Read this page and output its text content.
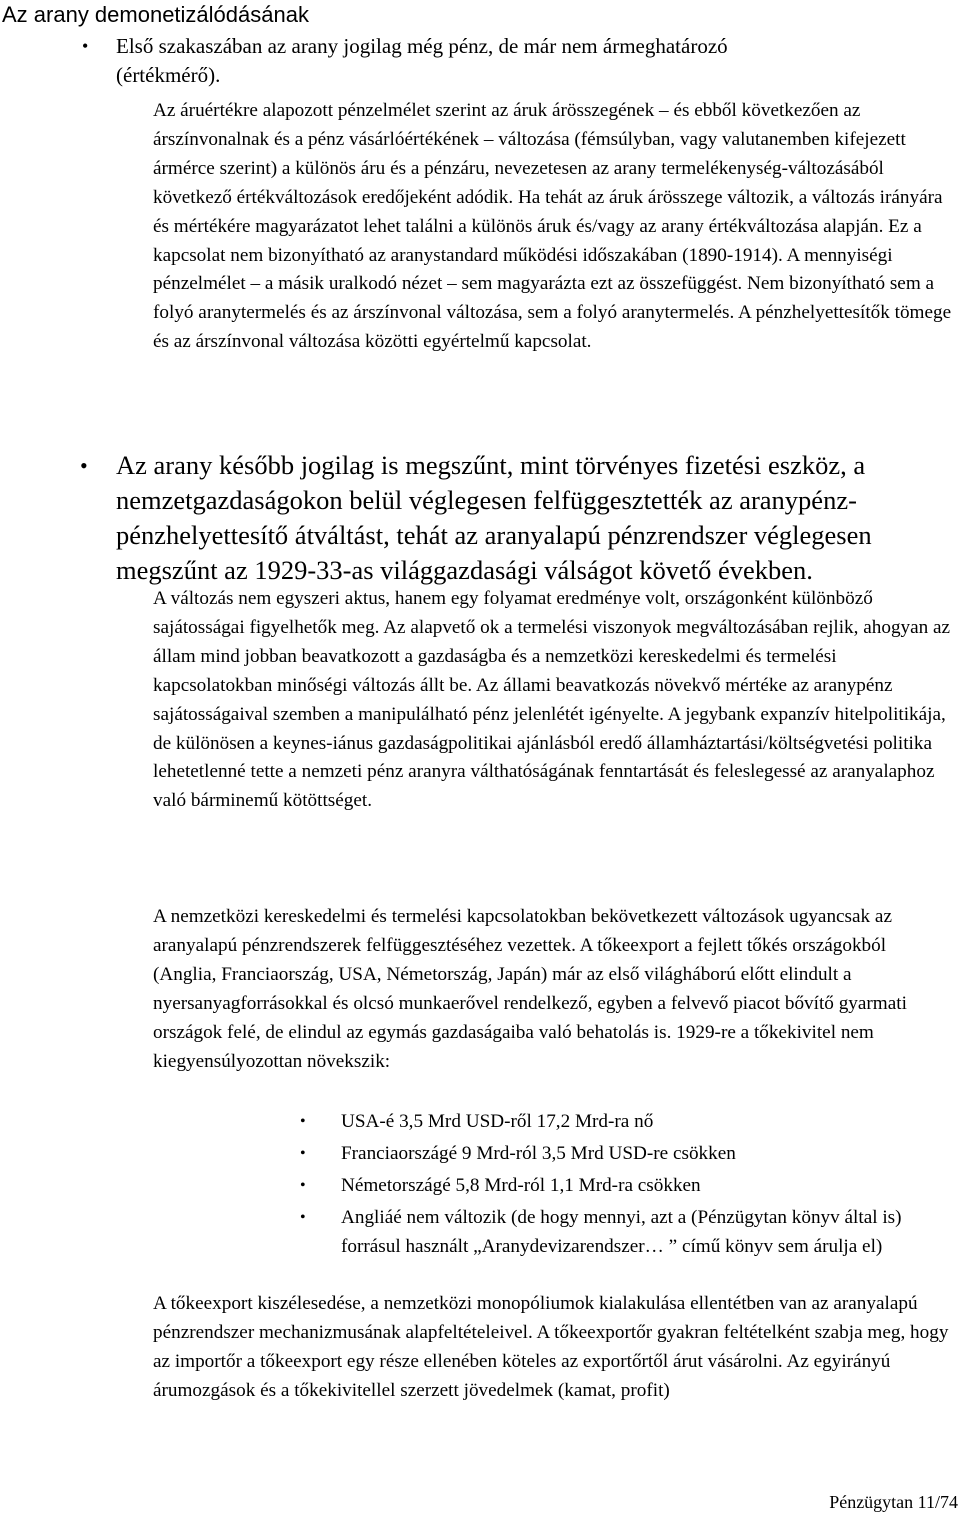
Az arany demonetizálódásának
• Első szakaszában az arany jogilag még pénz, de már nem ármeghatározó (értékmérő).

Az áruértékre alapozott pénzelmélet szerint az áruk árösszegének – és ebből következően az árszínvonalnak és a pénz vásárlóértékének – változása (fémsúlyban, vagy valutanemben kifejezett ármérce szerint) a különös áru és a pénzáru, nevezetesen az arany termelékenység-változásából következő értékváltozások eredőjeként adódik. Ha tehát az áruk árösszege változik, a változás irányára és mértékére magyarázatot lehet találni a különös áruk és/vagy az arany értékváltozása alapján. Ez a kapcsolat nem bizonyítható az aranystandard működési időszakában (1890-1914). A mennyiségi pénzelmélet – a másik uralkodó nézet – sem magyarázta ezt az összefüggést. Nem bizonyítható sem a folyó aranytermelés és az árszínvonal változása, sem a folyó aranytermelés. A pénzhelyettesítők tömege és az árszínvonal változása közötti egyértelmű kapcsolat.

• Az arany később jogilag is megszűnt, mint törvényes fizetési eszköz, a nemzetgazdaságokon belül véglegesen felfüggesztették az aranypénz-pénzhelyettesítő átváltást, tehát az aranyalapú pénzrendszer véglegesen megszűnt az 1929-33-as világgazdasági válságot követő években.

A változás nem egyszeri aktus, hanem egy folyamat eredménye volt, országonként különböző sajátosságai figyelhetők meg. Az alapvető ok a termelési viszonyok megváltozásában rejlik, ahogyan az állam mind jobban beavatkozott a gazdaságba és a nemzetközi kereskedelmi és termelési kapcsolatokban minőségi változás állt be. Az állami beavatkozás növekvő mértéke az aranypénz sajátosságaival szemben a manipulálható pénz jelenlétét igényelte. A jegybank expanzív hitelpolitikája, de különösen a keynes-iánus gazdaságpolitikai ajánlásból eredő államháztartási/költségvetési politika lehetetlenné tette a nemzeti pénz aranyra válthatóságának fenntartását és feleslegessé az aranyalaphoz való bárminemű kötöttséget.

A nemzetközi kereskedelmi és termelési kapcsolatokban bekövetkezett változások ugyancsak az aranyalapú pénzrendszerek felfüggesztéséhez vezettek. A tőkeexport a fejlett tőkés országokból (Anglia, Franciaország, USA, Németország, Japán) már az első világháború előtt elindult a nyersanyagforrásokkal és olcsó munkaerővel rendelkező, egyben a felvevő piacot bővítő gyarmati országok felé, de elindul az egymás gazdaságaiba való behatolás is. 1929-re a tőkekivitel nem kiegyensúlyozottan növekszik:

• USA-é 3,5 Mrd USD-ről 17,2 Mrd-ra nő
• Franciaországé 9 Mrd-ról 3,5 Mrd USD-re csökken
• Németországé 5,8 Mrd-ról 1,1 Mrd-ra csökken
• Angliáé nem változik (de hogy mennyi, azt a (Pénzügytan könyv által is) forrásul használt „Aranydevizarendszer… ” című könyv sem árulja el)

A tőkeexport kiszélesedése, a nemzetközi monopóliumok kialakulása ellentétben van az aranyalapú pénzrendszer mechanizmusának alapfeltételeivel. A tőkeexportőr gyakran feltételként szabja meg, hogy az importőr a tőkeexport egy része ellenében köteles az exportőrtől árut vásárolni. Az egyirányú árumozgások és a tőkekivitellel szerzett jövedelmek (kamat, profit)

Pénzügytan 11/74
